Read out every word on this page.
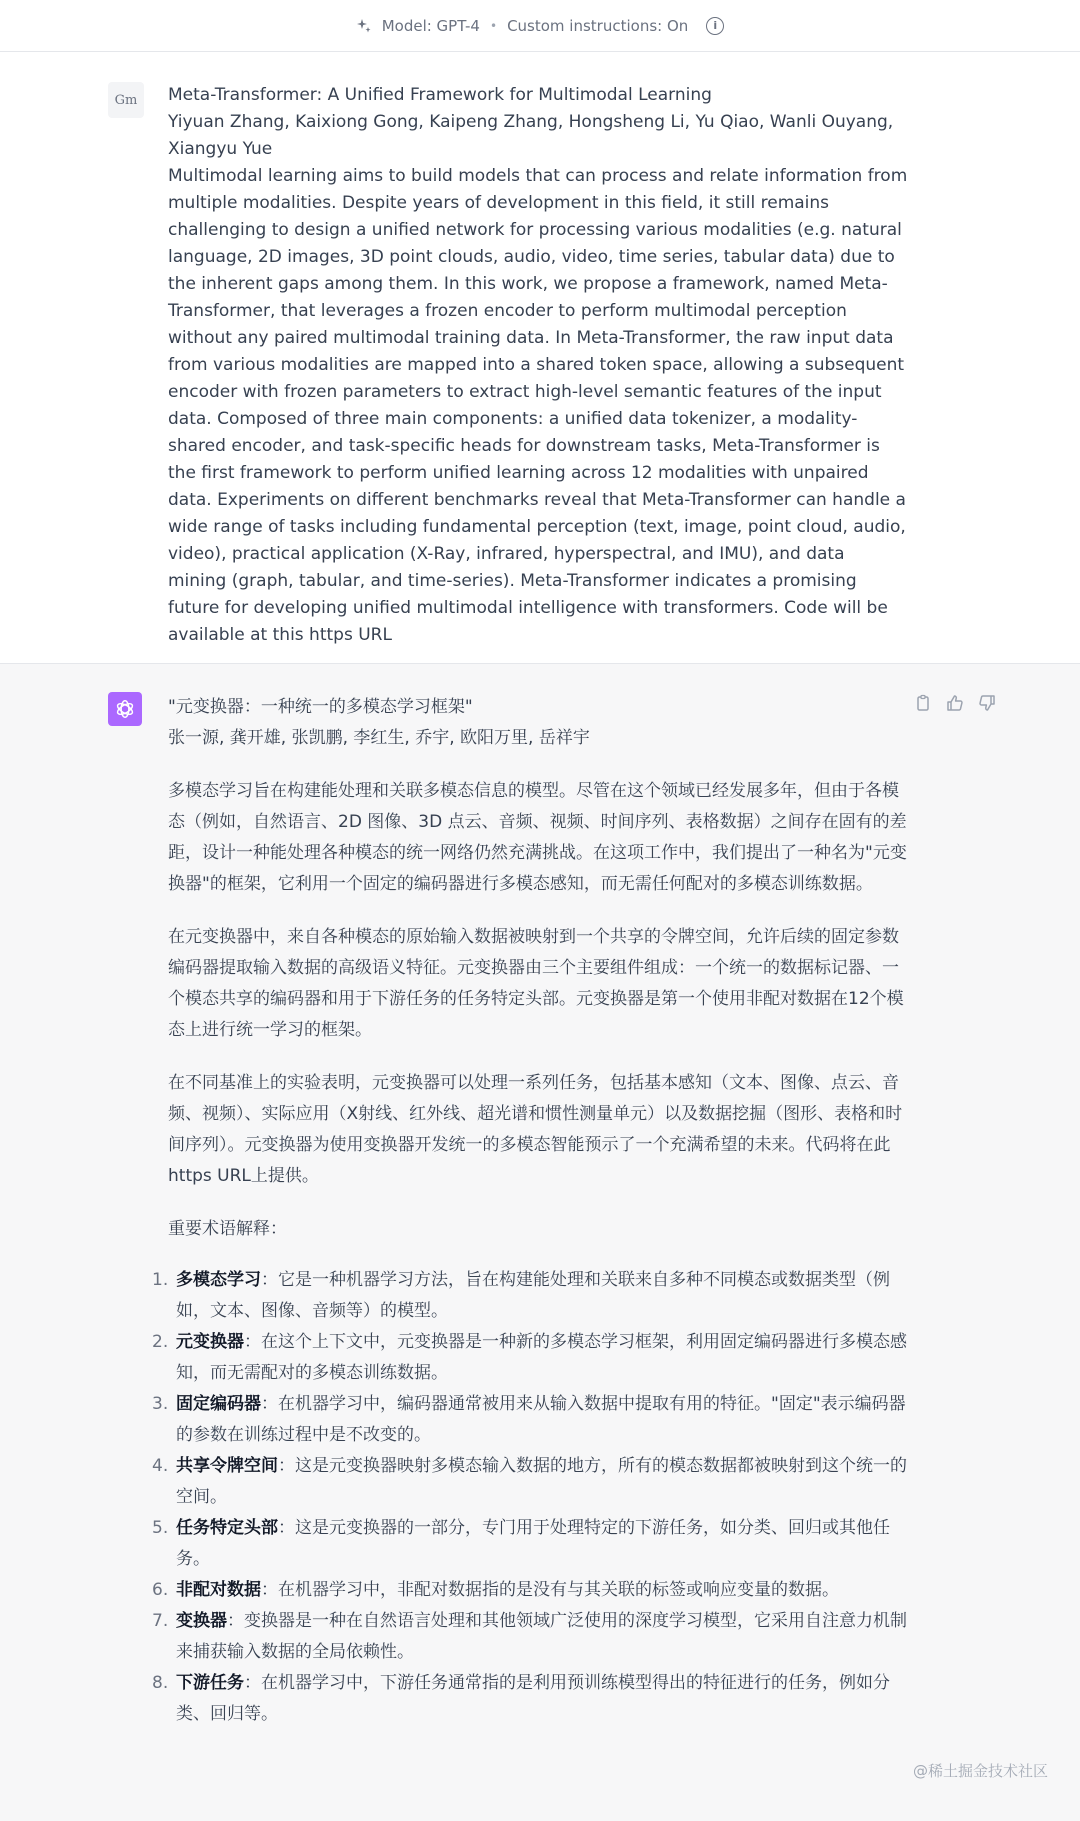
Model: GPT-4 • Custom instructions: On	i
Gm Meta-Transformer: A Unified Framework for Multimodal Learning

Yiyuan Zhang, Kaixiong Gong, Kaipeng Zhang, Hongsheng Li, Yu Qiao, Wanli Ouyang, Xiangyu Yue

Multimodal learning aims to build models that can process and relate information from multiple modalities. Despite years of development in this field, it still remains challenging to design a unified network for processing various modalities (e.g. natural language, 2D images, 3D point clouds, audio, video, time series, tabular data) due to the inherent gaps among them. In this work, we propose a framework, named Meta-Transformer, that leverages a frozen encoder to perform multimodal perception without any paired multimodal training data. In Meta-Transformer, the raw input data from various modalities are mapped into a shared token space, allowing a subsequent encoder with frozen parameters to extract high-level semantic features of the input data. Composed of three main components: a unified data tokenizer, a modality-shared encoder, and task-specific heads for downstream tasks, Meta-Transformer is the first framework to perform unified learning across 12 modalities with unpaired data. Experiments on different benchmarks reveal that Meta-Transformer can handle a wide range of tasks including fundamental perception (text, image, point cloud, audio, video), practical application (X-Ray, infrared, hyperspectral, and IMU), and data mining (graph, tabular, and time-series). Meta-Transformer indicates a promising future for developing unified multimodal intelligence with transformers. Code will be available at this https URL

"元变换器：一种统一的多模态学习框架"

张一源, 龚开雄, 张凯鹏, 李红生, 乔宇, 欧阳万里, 岳祥宇

多模态学习旨在构建能处理和关联多模态信息的模型。尽管在这个领域已经发展多年，但由于各模态（例如，自然语言、2D 图像、3D 点云、音频、视频、时间序列、表格数据）之间存在固有的差距，设计一种能处理各种模态的统一网络仍然充满挑战。在这项工作中，我们提出了一种名为"元变换器"的框架，它利用一个固定的编码器进行多模态感知，而无需任何配对的多模态训练数据。

在元变换器中，来自各种模态的原始输入数据被映射到一个共享的令牌空间，允许后续的固定参数编码器提取输入数据的高级语义特征。元变换器由三个主要组件组成：一个统一的数据标记器、一个模态共享的编码器和用于下游任务的任务特定头部。元变换器是第一个使用非配对数据在12个模态上进行统一学习的框架。

在不同基准上的实验表明，元变换器可以处理一系列任务，包括基本感知（文本、图像、点云、音频、视频）、实际应用（X射线、红外线、超光谱和惯性测量单元）以及数据挖掘（图形、表格和时间序列）。元变换器为使用变换器开发统一的多模态智能预示了一个充满希望的未来。代码将在此https URL上提供。

重要术语解释：

1. 多模态学习：它是一种机器学习方法，旨在构建能处理和关联来自多种不同模态或数据类型（例如，文本、图像、音频等）的模型。
2. 元变换器：在这个上下文中，元变换器是一种新的多模态学习框架，利用固定编码器进行多模态感知，而无需配对的多模态训练数据。
3. 固定编码器：在机器学习中，编码器通常被用来从输入数据中提取有用的特征。"固定"表示编码器的参数在训练过程中是不改变的。
4. 共享令牌空间：这是元变换器映射多模态输入数据的地方，所有的模态数据都被映射到这个统一的空间。
5. 任务特定头部：这是元变换器的一部分，专门用于处理特定的下游任务，如分类、回归或其他任务。
6. 非配对数据：在机器学习中，非配对数据指的是没有与其关联的标签或响应变量的数据。
7. 变换器：变换器是一种在自然语言处理和其他领域广泛使用的深度学习模型，它采用自注意力机制来捕获输入数据的全局依赖性。
8. 下游任务：在机器学习中，下游任务通常指的是利用预训练模型得出的特征进行的任务，例如分类、回归等。
@稀土掘金技术社区
